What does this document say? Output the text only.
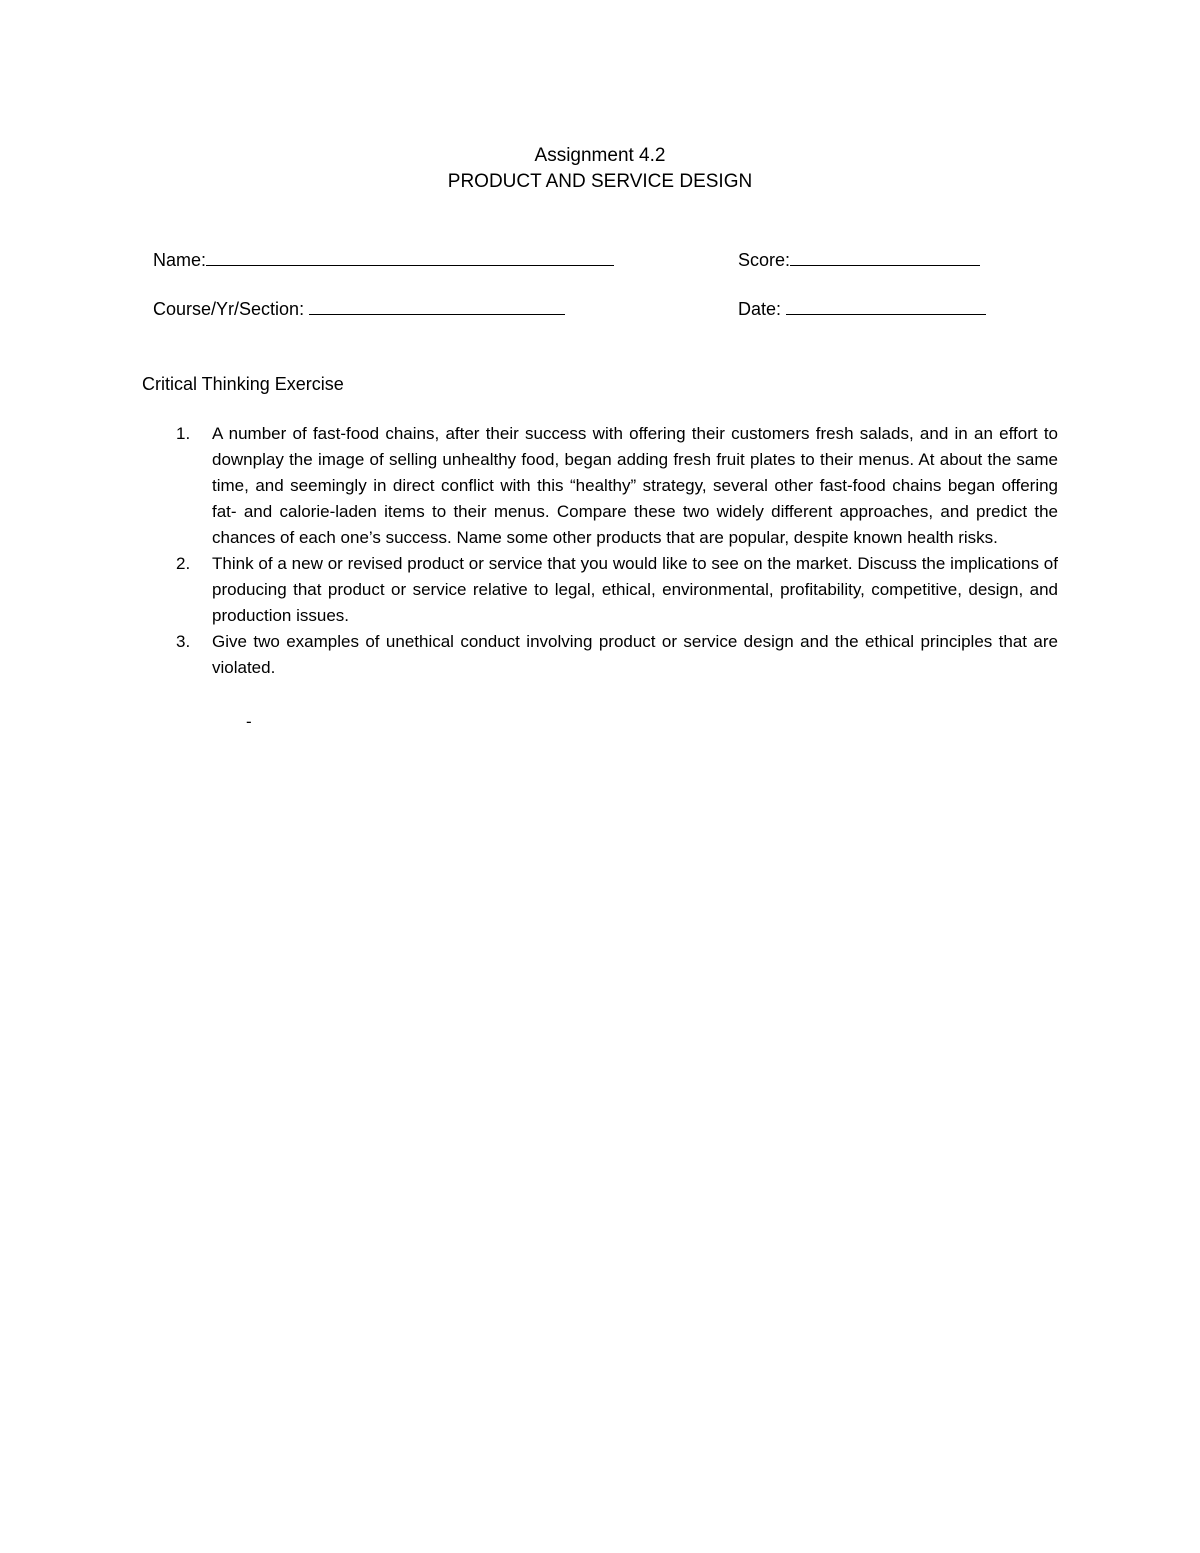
Assignment 4.2
PRODUCT AND SERVICE DESIGN
Name:	Score:
Course/Yr/Section:	Date:
Critical Thinking Exercise
1. A number of fast-food chains, after their success with offering their customers fresh salads, and in an effort to downplay the image of selling unhealthy food, began adding fresh fruit plates to their menus. At about the same time, and seemingly in direct conflict with this “healthy” strategy, several other fast-food chains began offering fat- and calorie-laden items to their menus. Compare these two widely different approaches, and predict the chances of each one’s success. Name some other products that are popular, despite known health risks.
2. Think of a new or revised product or service that you would like to see on the market. Discuss the implications of producing that product or service relative to legal, ethical, environmental, profitability, competitive, design, and production issues.
3. Give two examples of unethical conduct involving product or service design and the ethical principles that are violated.
-
